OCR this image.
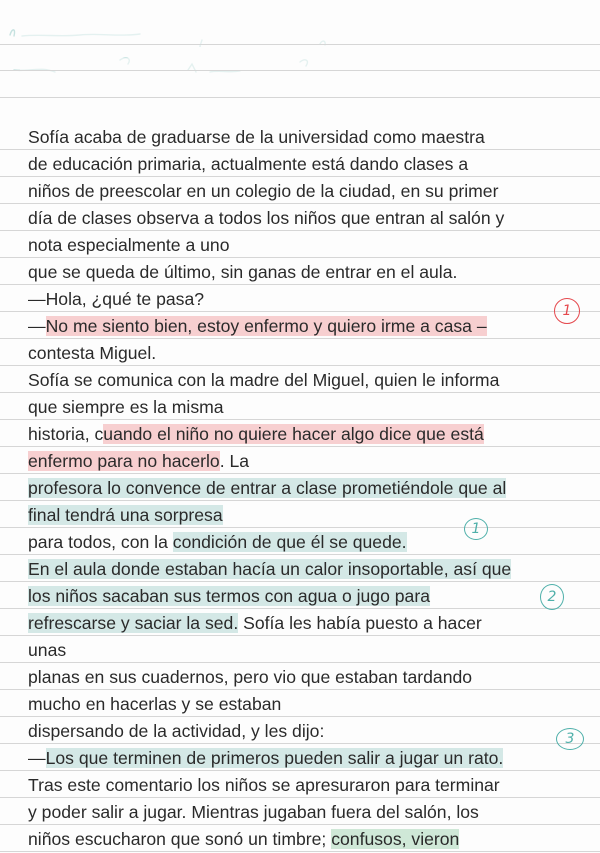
Sofía acaba de graduarse de la universidad como maestra
de educación primaria, actual⁠mente está dando clases a
niños de preescolar en un colegio de la ciudad, en su primer
día de clases observa a todos los niños que entran al salón y
nota especialmente a uno
que se queda de último, sin ganas de entrar en el aula.
—Hola, ¿qué te pasa?
—No me siento bien, estoy enfermo y quiero irme a casa –
contesta Miguel.
Sofía se comunica con la madre del Miguel, quien le informa
que siempre es la misma
historia, cuando el niño no quiere hacer algo dice que está
enfermo para no hacerlo. La
profesora lo convence de entrar a clase prometiéndole que al
final tendrá una sorpresa
para todos, con la condición de que él se quede.
En el aula donde estaban hacía un calor insoportable, así que
los niños sacaban sus ter⁠mos con agua o jugo para
refrescarse y saciar la sed. Sofía les había puesto a hacer
unas
planas en sus cuadernos, pero vio que estaban tardando
mucho en hacerlas y se estaban
dispersando de la actividad, y les dijo:
—Los que terminen de primeros pueden salir a jugar un rato.
Tras este comentario los niños se apresuraron para terminar
y poder salir a jugar. Mien⁠tras jugaban fuera del salón, los
niños escucharon que sonó un timbre; confusos, vieron
1
1
2
3
